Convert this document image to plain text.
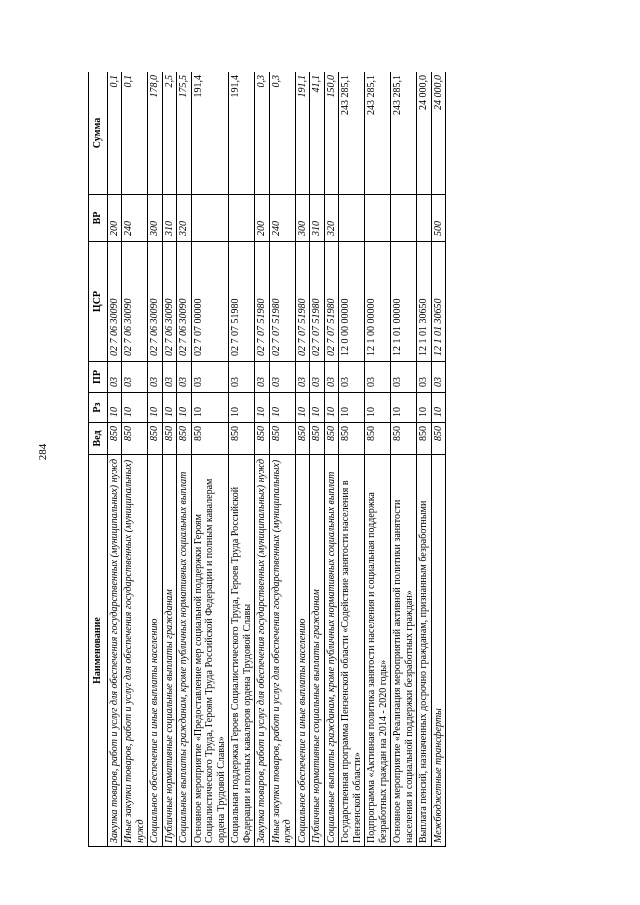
284
Наименование	Вед	Рз	ПР	ЦСР	ВР	Сумма
Закупка товаров, работ и услуг для обеспечения государственных (муниципальных) нужд	850	10	03	02 7 06 30090	200	0,1
Иные закупки товаров, работ и услуг для обеспечения государственных (муниципальных) нужд	850	10	03	02 7 06 30090	240	0,1
Социальное обеспечение и иные выплаты населению	850	10	03	02 7 06 30090	300	178,0
Публичные нормативные социальные выплаты гражданам	850	10	03	02 7 06 30090	310	2,5
Социальные выплаты гражданам, кроме публичных нормативных социальных выплат	850	10	03	02 7 06 30090	320	175,5
Основное мероприятие «Предоставление мер социальной поддержки Героям Социалистического Труда, Героям Труда Российской Федерации и полным кавалерам ордена Трудовой Славы»	850	10	03	02 7 07 00000		191,4
Социальная поддержка Героев Социалистического Труда, Героев Труда Российской Федерации и полных кавалеров ордена Трудовой Славы	850	10	03	02 7 07 51980		191,4
Закупка товаров, работ и услуг для обеспечения государственных (муниципальных) нужд	850	10	03	02 7 07 51980	200	0,3
Иные закупки товаров, работ и услуг для обеспечения государственных (муниципальных) нужд	850	10	03	02 7 07 51980	240	0,3
Социальное обеспечение и иные выплаты населению	850	10	03	02 7 07 51980	300	191,1
Публичные нормативные социальные выплаты гражданам	850	10	03	02 7 07 51980	310	41,1
Социальные выплаты гражданам, кроме публичных нормативных социальных выплат	850	10	03	02 7 07 51980	320	150,0
Государственная программа Пензенской области «Содействие занятости населения в Пензенской области»	850	10	03	12 0 00 00000		243 285,1
Подпрограмма «Активная политика занятости населения и социальная поддержка безработных граждан на 2014 - 2020 годы»	850	10	03	12 1 00 00000		243 285,1
Основное мероприятие «Реализация мероприятий активной политики занятости населения и социальной поддержки безработных граждан»	850	10	03	12 1 01 00000		243 285,1
Выплата пенсий, назначенных досрочно гражданам, признанным безработными	850	10	03	12 1 01 30650		24 000,0
Межбюджетные трансферты	850	10	03	12 1 01 30650	500	24 000,0
